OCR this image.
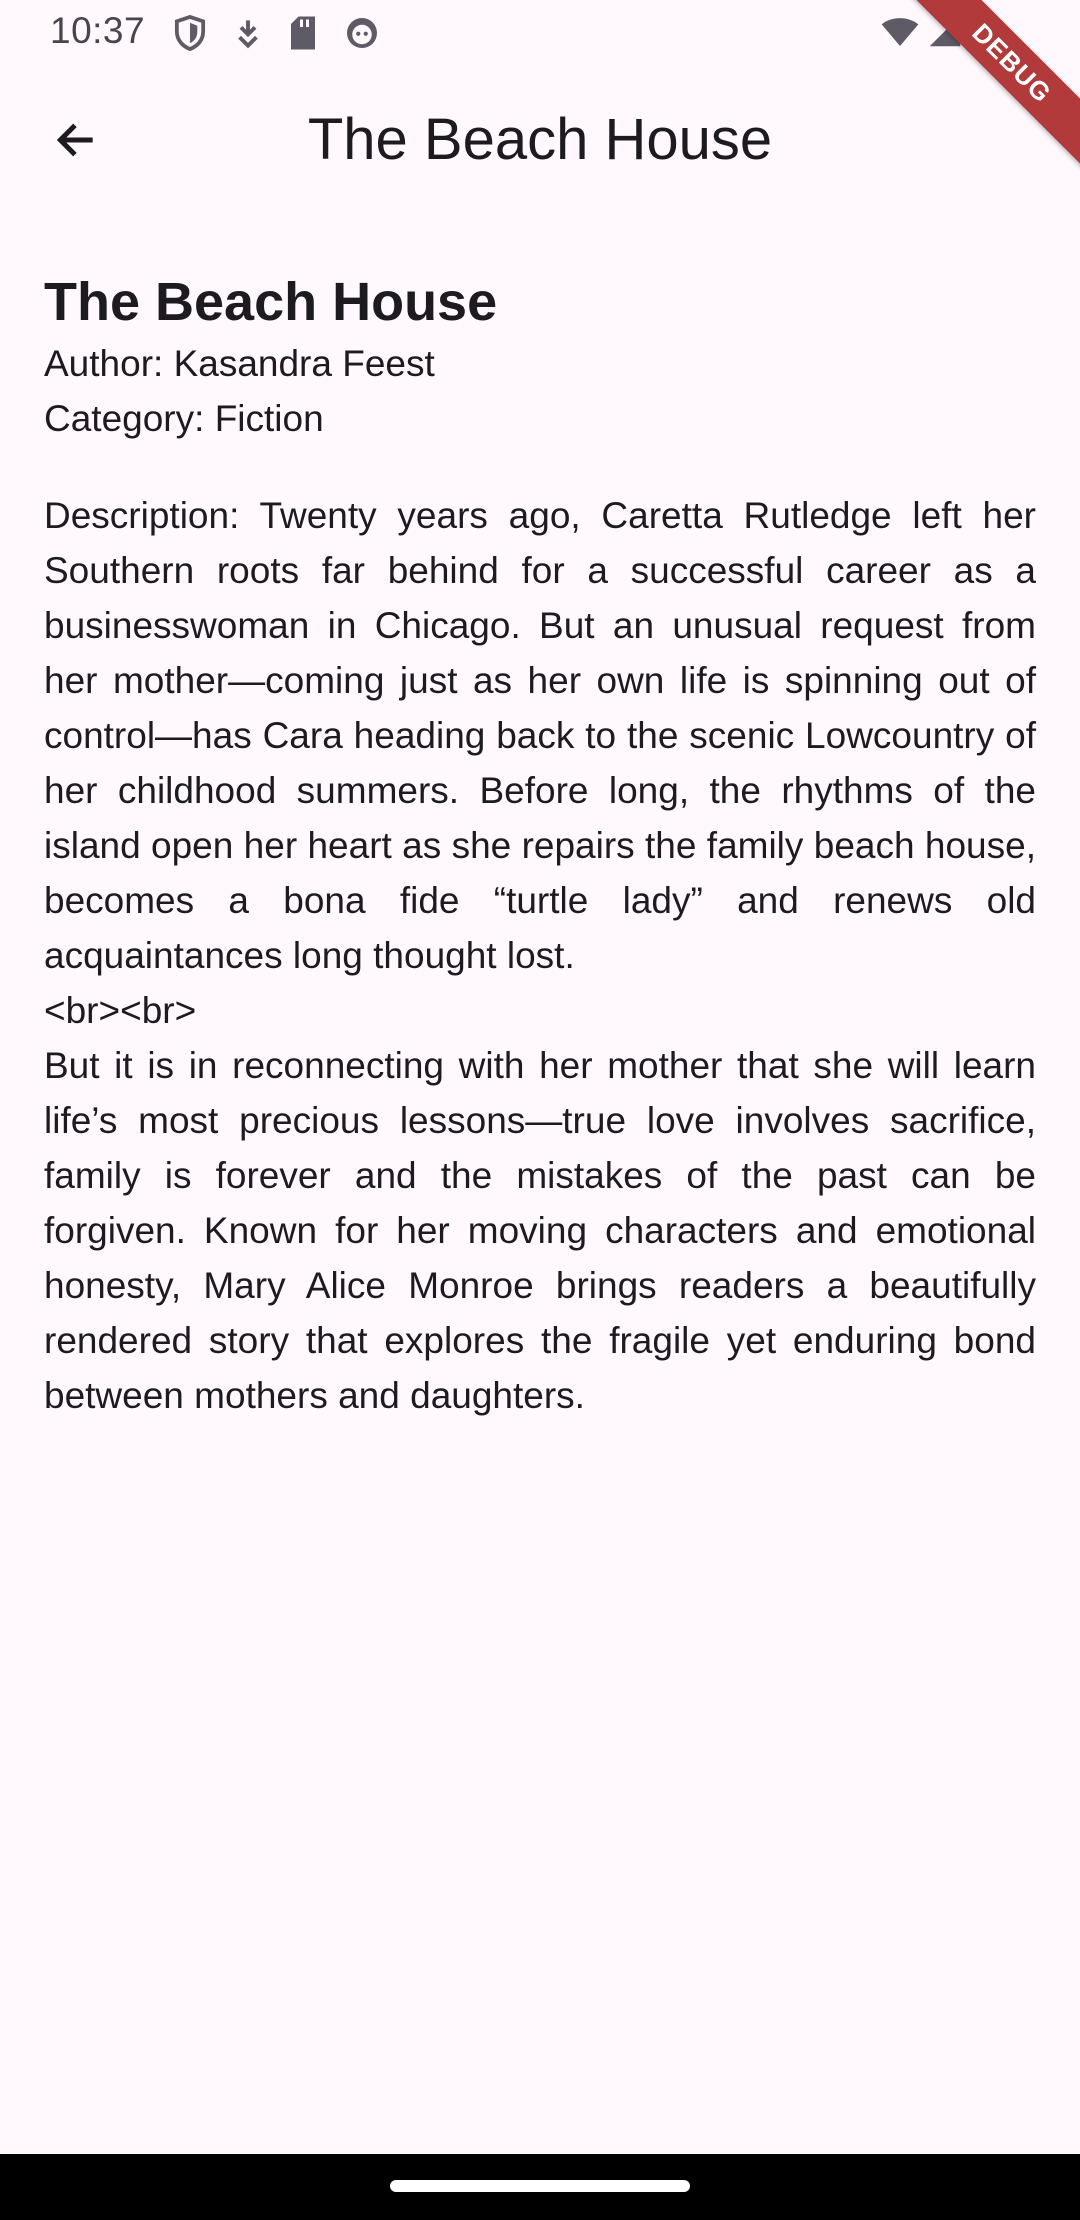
10:37	DEBUG
The Beach House
The Beach House

Author: Kasandra Feest

Category: Fiction

Description: Twenty years ago, Caretta Rutledge left her Southern roots far behind for a successful career as a businesswoman in Chicago. But an unusual request from her mother—coming just as her own life is spinning out of control—has Cara heading back to the scenic Lowcountry of her childhood summers. Before long, the rhythms of the island open her heart as she repairs the family beach house, becomes a bona fide “turtle lady” and renews old acquaintances long thought lost.

<br><br>

But it is in reconnecting with her mother that she will learn life’s most precious lessons—true love involves sacrifice, family is forever and the mistakes of the past can be forgiven. Known for her moving characters and emotional honesty, Mary Alice Monroe brings readers a beautifully rendered story that explores the fragile yet enduring bond between mothers and daughters.
